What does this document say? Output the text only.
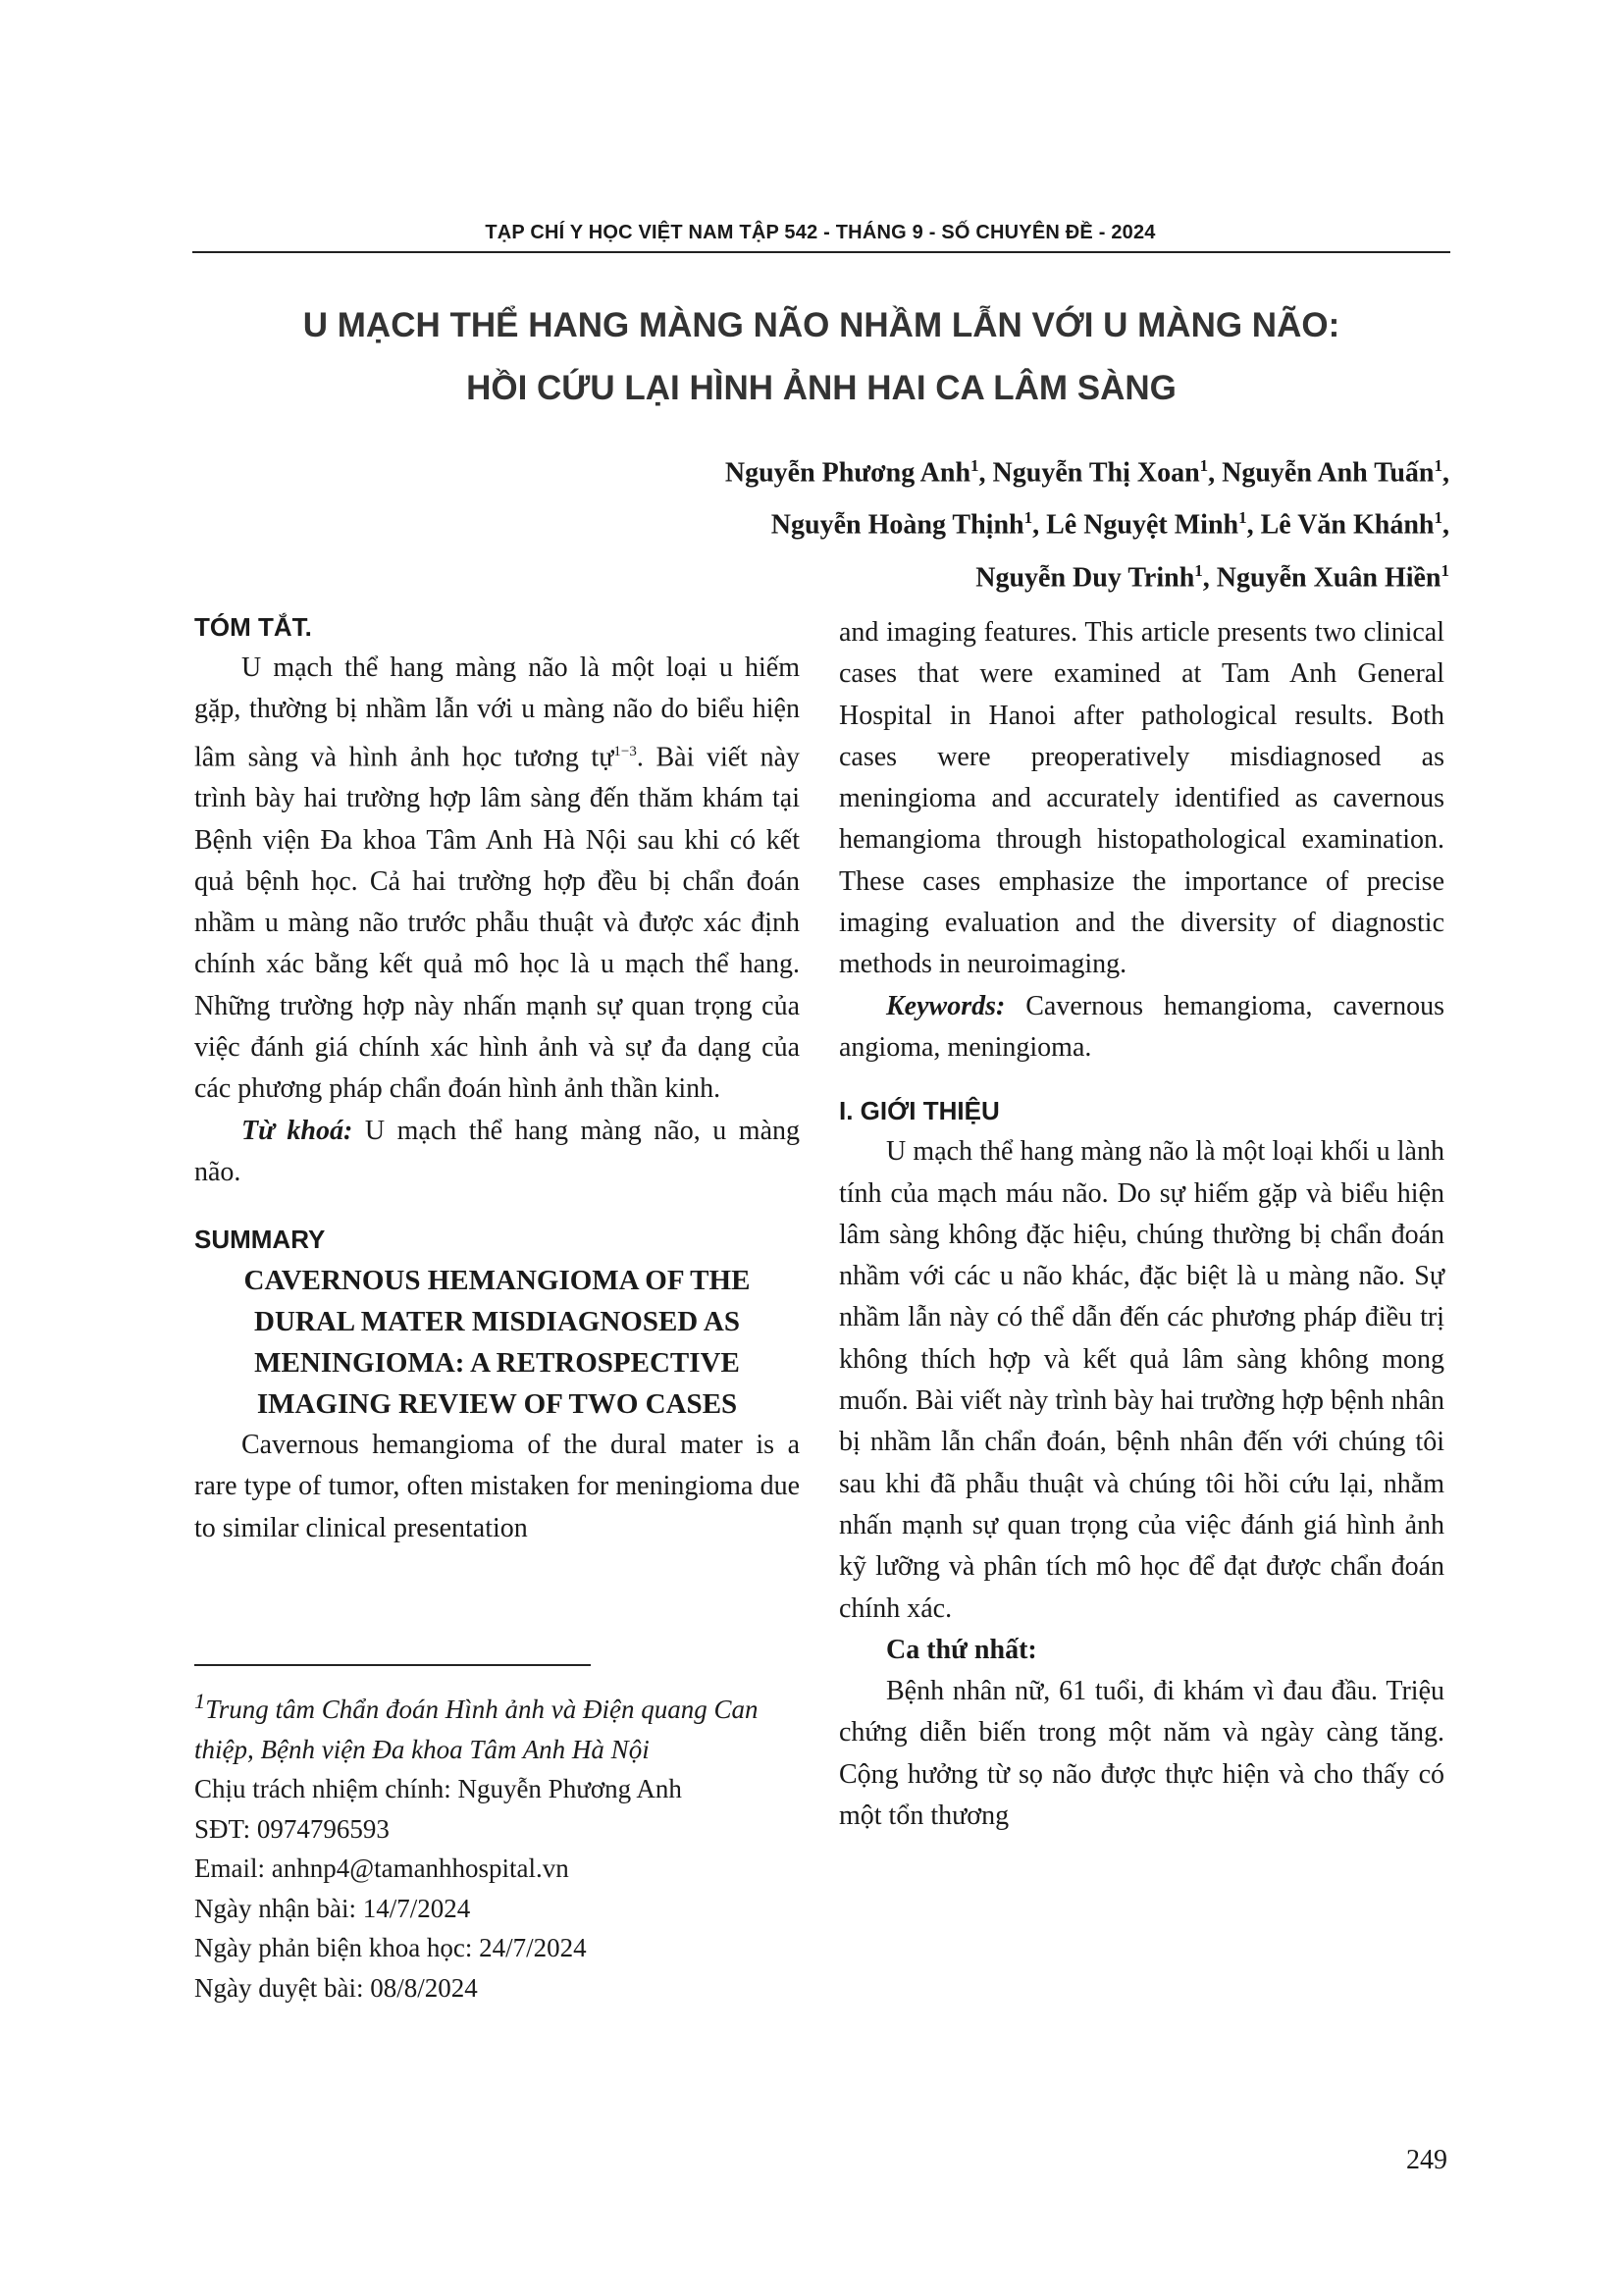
TẠP CHÍ Y HỌC VIỆT NAM TẬP 542 - THÁNG 9 - SỐ CHUYÊN ĐỀ - 2024
U MẠCH THỂ HANG MÀNG NÃO NHẦM LẪN VỚI U MÀNG NÃO:
HỒI CỨU LẠI HÌNH ẢNH HAI CA LÂM SÀNG
Nguyễn Phương Anh$^1$, Nguyễn Thị Xoan$^1$, Nguyễn Anh Tuấn$^1$,
Nguyễn Hoàng Thịnh$^1$, Lê Nguyệt Minh$^1$, Lê Văn Khánh$^1$,
Nguyễn Duy Trinh$^1$, Nguyễn Xuân Hiền$^1$
TÓM TẮT.

U mạch thể hang màng não là một loại u hiếm gặp, thường bị nhầm lẫn với u màng não do biểu hiện lâm sàng và hình ảnh học tương tự$^{1-3}$. Bài viết này trình bày hai trường hợp lâm sàng đến thăm khám tại Bệnh viện Đa khoa Tâm Anh Hà Nội sau khi có kết quả bệnh học. Cả hai trường hợp đều bị chẩn đoán nhầm u màng não trước phẫu thuật và được xác định chính xác bằng kết quả mô học là u mạch thể hang. Những trường hợp này nhấn mạnh sự quan trọng của việc đánh giá chính xác hình ảnh và sự đa dạng của các phương pháp chẩn đoán hình ảnh thần kinh.

Từ khoá: U mạch thể hang màng não, u màng não.

SUMMARY
CAVERNOUS HEMANGIOMA OF THE
DURAL MATER MISDIAGNOSED AS
MENINGIOMA: A RETROSPECTIVE
IMAGING REVIEW OF TWO CASES

Cavernous hemangioma of the dural mater is a rare type of tumor, often mistaken for meningioma due to similar clinical presentation

$^1$Trung tâm Chẩn đoán Hình ảnh và Điện quang Can thiệp, Bệnh viện Đa khoa Tâm Anh Hà Nội
Chịu trách nhiệm chính: Nguyễn Phương Anh
SĐT: 0974796593
Email: anhnp4@tamanhhospital.vn
Ngày nhận bài: 14/7/2024
Ngày phản biện khoa học: 24/7/2024
Ngày duyệt bài: 08/8/2024

and imaging features. This article presents two clinical cases that were examined at Tam Anh General Hospital in Hanoi after pathological results. Both cases were preoperatively misdiagnosed as meningioma and accurately identified as cavernous hemangioma through histopathological examination. These cases emphasize the importance of precise imaging evaluation and the diversity of diagnostic methods in neuroimaging.

Keywords: Cavernous hemangioma, cavernous angioma, meningioma.

I. GIỚI THIỆU

U mạch thể hang màng não là một loại khối u lành tính của mạch máu não. Do sự hiếm gặp và biểu hiện lâm sàng không đặc hiệu, chúng thường bị chẩn đoán nhầm với các u não khác, đặc biệt là u màng não. Sự nhầm lẫn này có thể dẫn đến các phương pháp điều trị không thích hợp và kết quả lâm sàng không mong muốn. Bài viết này trình bày hai trường hợp bệnh nhân bị nhầm lẫn chẩn đoán, bệnh nhân đến với chúng tôi sau khi đã phẫu thuật và chúng tôi hồi cứu lại, nhằm nhấn mạnh sự quan trọng của việc đánh giá hình ảnh kỹ lưỡng và phân tích mô học để đạt được chẩn đoán chính xác.

Ca thứ nhất:

Bệnh nhân nữ, 61 tuổi, đi khám vì đau đầu. Triệu chứng diễn biến trong một năm và ngày càng tăng. Cộng hưởng từ sọ não được thực hiện và cho thấy có một tổn thương

249
